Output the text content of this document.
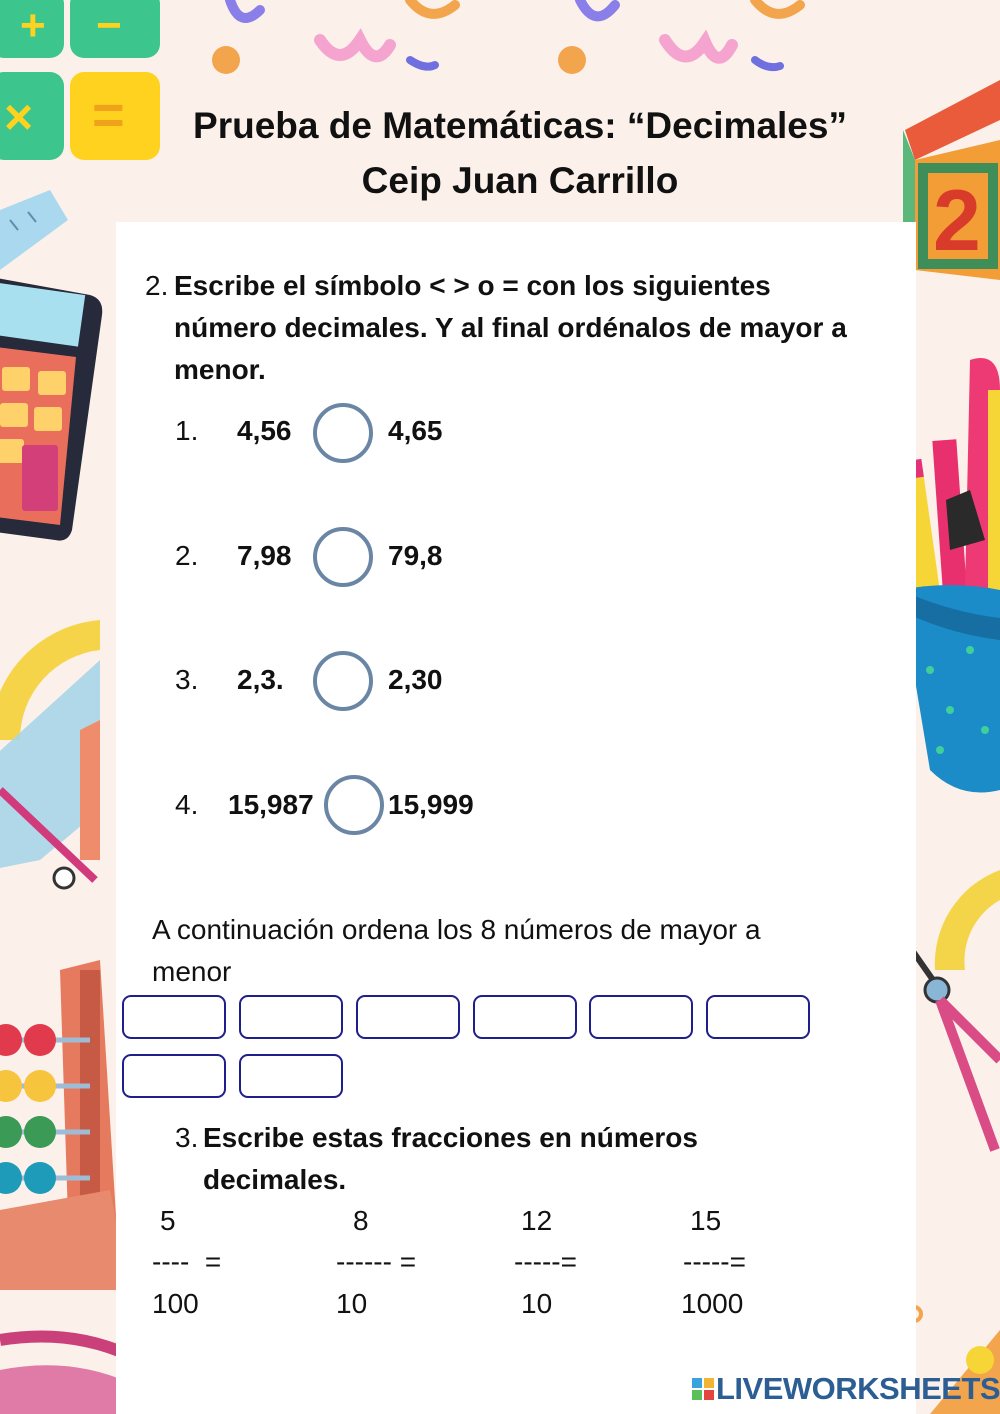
+ −
× =
2
Prueba de Matemáticas: “Decimales”
Ceip Juan Carrillo
2. Escribe el símbolo < > o = con los siguientes
número decimales. Y al final ordénalos de mayor a
menor.
1. 4,56	4,65
2. 7,98	79,8
3. 2,3.	2,30
4. 15,987	15,999
A continuación ordena los 8 números de mayor a
menor
3. Escribe estas fracciones en números
decimales.
5
----  =
100
8
------ =
10
12
-----=
10
15
-----=
1000
LIVEWORKSHEETS
